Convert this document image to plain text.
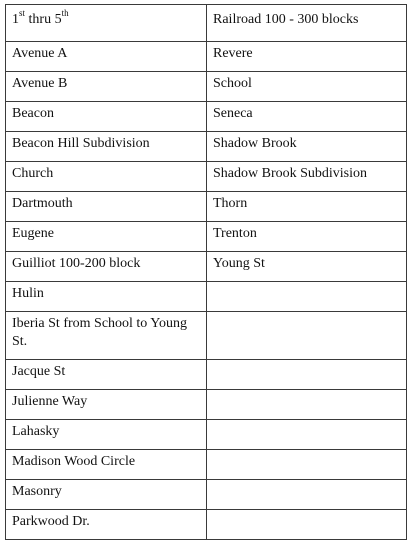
1st thru 5th	Railroad 100 - 300 blocks
Avenue A	Revere
Avenue B	School
Beacon	Seneca
Beacon Hill Subdivision	Shadow Brook
Church	Shadow Brook Subdivision
Dartmouth	Thorn
Eugene	Trenton
Guilliot 100-200 block	Young St
Hulin	
Iberia St from School to Young St.	
Jacque St	
Julienne Way	
Lahasky	
Madison Wood Circle	
Masonry	
Parkwood Dr.	
